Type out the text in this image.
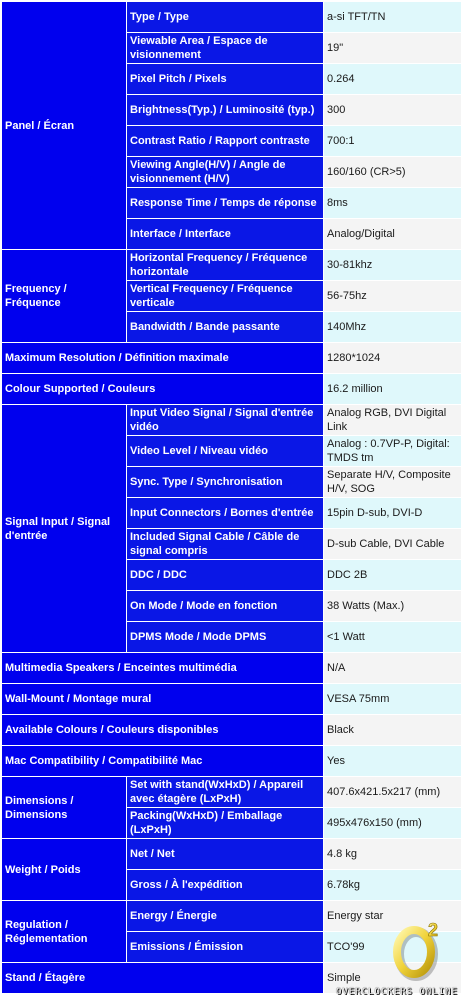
Panel / Écran	Type / Type	a-si TFT/TN
	Viewable Area / Espace de visionnement	19"
	Pixel Pitch / Pixels	0.264
	Brightness(Typ.) / Luminosité (typ.)	300
	Contrast Ratio / Rapport contraste	700:1
	Viewing Angle(H/V) / Angle de visionnement (H/V)	160/160 (CR>5)
	Response Time / Temps de réponse	8ms
	Interface / Interface	Analog/Digital
Frequency / Fréquence	Horizontal Frequency / Fréquence horizontale	30-81khz
	Vertical Frequency / Fréquence verticale	56-75hz
	Bandwidth / Bande passante	140Mhz
Maximum Resolution / Définition maximale		1280*1024
Colour Supported / Couleurs		16.2 million
Signal Input / Signal d'entrée	Input Video Signal / Signal d'entrée vidéo	Analog RGB, DVI Digital Link
	Video Level / Niveau vidéo	Analog : 0.7VP-P, Digital: TMDS tm
	Sync. Type / Synchronisation	Separate H/V, Composite H/V, SOG
	Input Connectors / Bornes d'entrée	15pin D-sub, DVI-D
	Included Signal Cable / Câble de signal compris	D-sub Cable, DVI Cable
	DDC / DDC	DDC 2B
	On Mode / Mode en fonction	38 Watts (Max.)
	DPMS Mode / Mode DPMS	<1 Watt
Multimedia Speakers / Enceintes multimédia		N/A
Wall-Mount / Montage mural		VESA 75mm
Available Colours / Couleurs disponibles		Black
Mac Compatibility / Compatibilité Mac		Yes
Dimensions / Dimensions	Set with stand(WxHxD) / Appareil avec étagère (LxPxH)	407.6x421.5x217 (mm)
	Packing(WxHxD) / Emballage (LxPxH)	495x476x150 (mm)
Weight / Poids	Net / Net	4.8 kg
	Gross / À l'expédition	6.78kg
Regulation / Réglementation	Energy / Énergie	Energy star
	Emissions / Émission	TCO'99
Stand / Étagère		Simple
2
OVERCLOCKERS ONLINE
